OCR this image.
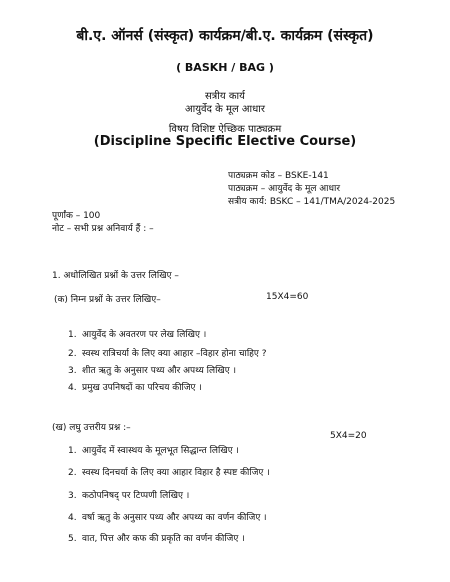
बी.ए. ऑनर्स (संस्कृत) कार्यक्रम/बी.ए. कार्यक्रम (संस्कृत)
( BASKH / BAG )
सत्रीय कार्य
आयुर्वेद के मूल आधार
विषय विशिष्ट ऐच्छिक पाठ्यक्रम
(Discipline Specific Elective Course)
पाठ्यक्रम कोड – BSKE-141
पाठ्यक्रम – आयुर्वेद के मूल आधार
सत्रीय कार्य: BSKC – 141/TMA/2024-2025
पूर्णांक – 100
नोट – सभी प्रश्न अनिवार्य हैं : –
1. अधोलिखित प्रश्नों के उत्तर लिखिए –
(क) निम्न प्रश्नों के उत्तर लिखिए–	15X4=60
1. आयुर्वेद के अवतरण पर लेख लिखिए ।
2. स्वस्थ रात्रिचर्या के लिए क्या आहार –विहार होना चाहिए ?
3. शीत ऋतु के अनुसार पथ्य और अपथ्य लिखिए ।
4. प्रमुख उपनिषदों का परिचय कीजिए ।
(ख) लघु उत्तरीय प्रश्न :–
5X4=20
1. आयुर्वेद में स्वास्थय के मूलभूत सिद्धान्त लिखिए ।
2. स्वस्थ दिनचर्या के लिए क्या आहार विहार है स्पष्ट कीजिए ।
3. कठोपनिषद् पर टिप्पणी लिखिए ।
4. वर्षा ऋतु के अनुसार पथ्य और अपथ्य का वर्णन कीजिए ।
5. वात, पित्त और कफ की प्रकृति का वर्णन कीजिए ।
